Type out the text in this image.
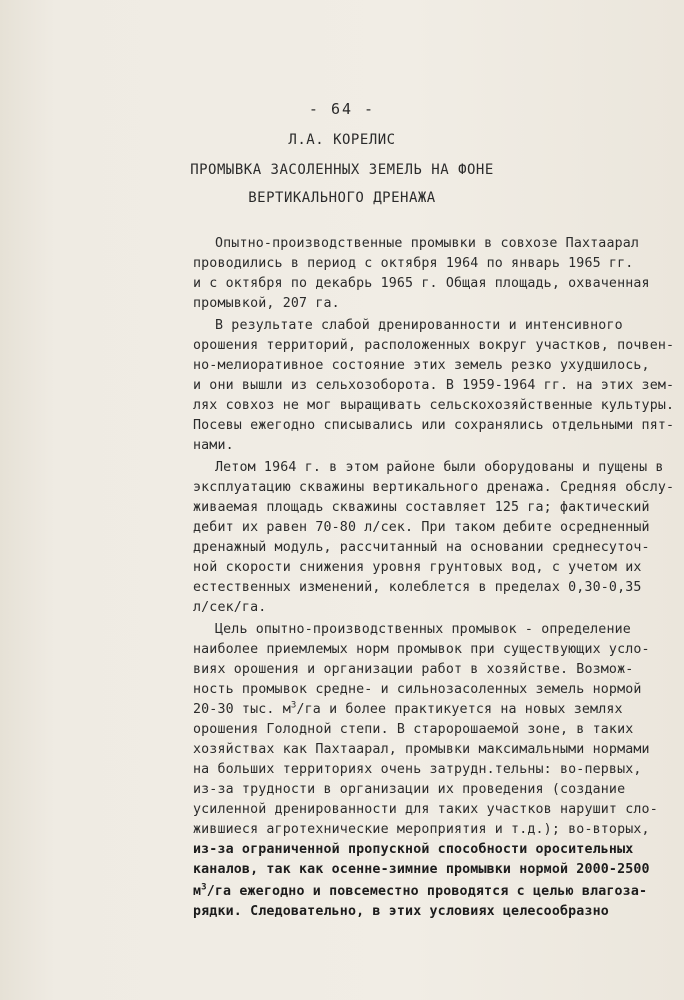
- 64 -
Л.А. КОРЕЛИС
ПРОМЫВКА ЗАСОЛЕННЫХ ЗЕМЕЛЬ НА ФОНЕ
ВЕРТИКАЛЬНОГО ДРЕНАЖА
Опытно-производственные промывки в совхозе Пахтаарал
проводились в период с октября 1964 по январь 1965 гг.
и с октября по декабрь 1965 г. Общая площадь, охваченная
промывкой, 207 га.
В результате слабой дренированности и интенсивного
орошения территорий, расположенных вокруг участков, почвен-
но-мелиоративное состояние этих земель резко ухудшилось,
и они вышли из сельхозоборота. В 1959-1964 гг. на этих зем-
лях совхоз не мог выращивать сельскохозяйственные культуры.
Посевы ежегодно списывались или сохранялись отдельными пят-
нами.
Летом 1964 г. в этом районе были оборудованы и пущены в
эксплуатацию скважины вертикального дренажа. Средняя обслу-
живаемая площадь скважины составляет 125 га; фактический
дебит их равен 70-80 л/сек. При таком дебите осредненный
дренажный модуль, рассчитанный на основании среднесуточ-
ной скорости снижения уровня грунтовых вод, с учетом их
естественных изменений, колеблется в пределах 0,30-0,35
л/сек/га.
Цель опытно-производственных промывок - определение
наиболее приемлемых норм промывок при существующих усло-
виях орошения и организации работ в хозяйстве. Возмож-
ность промывок средне- и сильнозасоленных земель нормой
20-30 тыс. $м^3/га$ и более практикуется на новых землях
орошения Голодной степи. В старорошаемой зоне, в таких
хозяйствах как Пахтаарал, промывки максимальными нормами
на больших территориях очень затрудн.тельны: во-первых,
из-за трудности в организации их проведения (создание
усиленной дренированности для таких участков нарушит сло-
жившиеся агротехнические мероприятия и т.д.); во-вторых,
из-за ограниченной пропускной способности оросительных
каналов, так как осенне-зимние промывки нормой 2000-2500
$м^3/га$ ежегодно и повсеместно проводятся с целью влагоза-
рядки. Следовательно, в этих условиях целесообразно
